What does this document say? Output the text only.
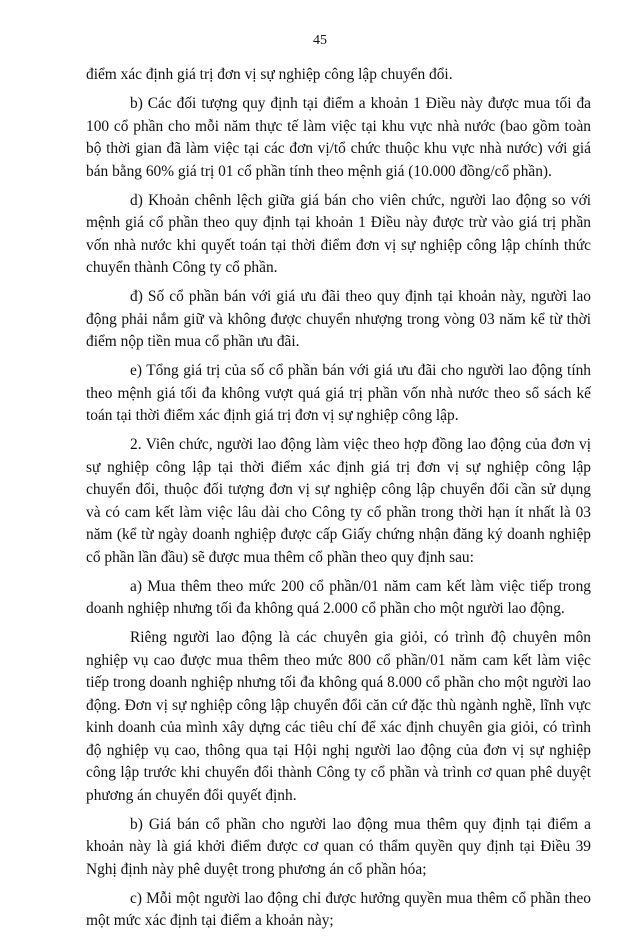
45

điểm xác định giá trị đơn vị sự nghiệp công lập chuyển đổi.

b) Các đối tượng quy định tại điểm a khoản 1 Điều này được mua tối đa 100 cổ phần cho mỗi năm thực tế làm việc tại khu vực nhà nước (bao gồm toàn bộ thời gian đã làm việc tại các đơn vị/tổ chức thuộc khu vực nhà nước) với giá bán bằng 60% giá trị 01 cổ phần tính theo mệnh giá (10.000 đồng/cổ phần).

d) Khoản chênh lệch giữa giá bán cho viên chức, người lao động so với mệnh giá cổ phần theo quy định tại khoản 1 Điều này được trừ vào giá trị phần vốn nhà nước khi quyết toán tại thời điểm đơn vị sự nghiệp công lập chính thức chuyển thành Công ty cổ phần.

đ) Số cổ phần bán với giá ưu đãi theo quy định tại khoản này, người lao động phải nắm giữ và không được chuyển nhượng trong vòng 03 năm kể từ thời điểm nộp tiền mua cổ phần ưu đãi.

e) Tổng giá trị của số cổ phần bán với giá ưu đãi cho người lao động tính theo mệnh giá tối đa không vượt quá giá trị phần vốn nhà nước theo sổ sách kế toán tại thời điểm xác định giá trị đơn vị sự nghiệp công lập.

2. Viên chức, người lao động làm việc theo hợp đồng lao động của đơn vị sự nghiệp công lập tại thời điểm xác định giá trị đơn vị sự nghiệp công lập chuyển đổi, thuộc đối tượng đơn vị sự nghiệp công lập chuyển đổi cần sử dụng và có cam kết làm việc lâu dài cho Công ty cổ phần trong thời hạn ít nhất là 03 năm (kể từ ngày doanh nghiệp được cấp Giấy chứng nhận đăng ký doanh nghiệp cổ phần lần đầu) sẽ được mua thêm cổ phần theo quy định sau:

a) Mua thêm theo mức 200 cổ phần/01 năm cam kết làm việc tiếp trong doanh nghiệp nhưng tối đa không quá 2.000 cổ phần cho một người lao động.

Riêng người lao động là các chuyên gia giỏi, có trình độ chuyên môn nghiệp vụ cao được mua thêm theo mức 800 cổ phần/01 năm cam kết làm việc tiếp trong doanh nghiệp nhưng tối đa không quá 8.000 cổ phần cho một người lao động. Đơn vị sự nghiệp công lập chuyển đổi căn cứ đặc thù ngành nghề, lĩnh vực kinh doanh của mình xây dựng các tiêu chí để xác định chuyên gia giỏi, có trình độ nghiệp vụ cao, thông qua tại Hội nghị người lao động của đơn vị sự nghiệp công lập trước khi chuyển đổi thành Công ty cổ phần và trình cơ quan phê duyệt phương án chuyển đổi quyết định.

b) Giá bán cổ phần cho người lao động mua thêm quy định tại điểm a khoản này là giá khởi điểm được cơ quan có thẩm quyền quy định tại Điều 39 Nghị định này phê duyệt trong phương án cổ phần hóa;

c) Mỗi một người lao động chỉ được hưởng quyền mua thêm cổ phần theo một mức xác định tại điểm a khoản này;
